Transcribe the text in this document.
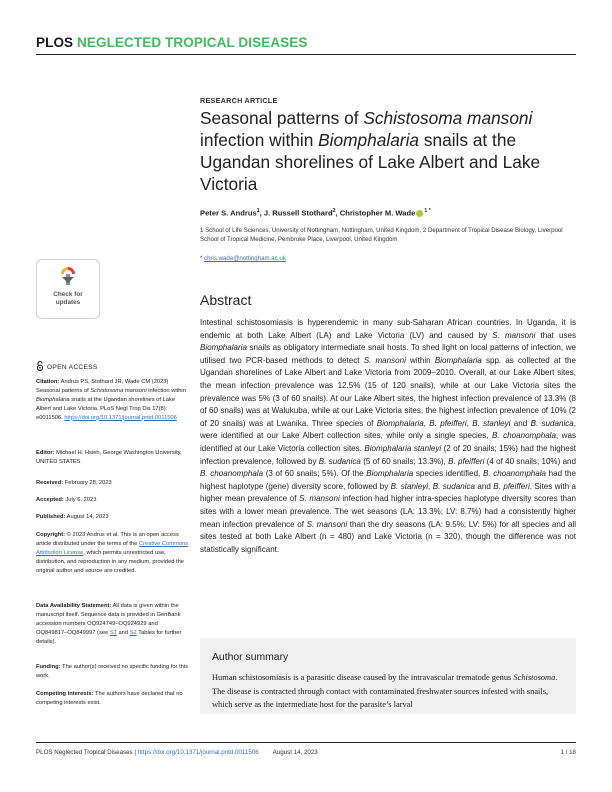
PLOS NEGLECTED TROPICAL DISEASES
Check for
updates
OPEN ACCESS
Citation: Andrus PS, Stothard JR, Wade CM (2023) Seasonal patterns of Schistosoma mansoni infection within Biomphalaria snails at the Ugandan shorelines of Lake Albert and Lake Victoria. PLoS Negl Trop Dis 17(8): e0011506. https://doi.org/10.1371/journal.pntd.0011506
Editor: Michael H. Hsieh, George Washington University, UNITED STATES
Received: February 28, 2023
Accepted: July 6, 2023
Published: August 14, 2023
Copyright: © 2023 Andrus et al. This is an open access article distributed under the terms of the Creative Commons Attribution License, which permits unrestricted use, distribution, and reproduction in any medium, provided the original author and source are credited.
Data Availability Statement: All data is given within the manuscript itself. Sequence data is provided in GenBank accession numbers OQ924749–OQ924929 and OQ849817–OQ849997 (see S1 and S2 Tables for further details).
Funding: The author(s) received no specific funding for this work.
Competing interests: The authors have declared that no competing interests exist.
RESEARCH ARTICLE
Seasonal patterns of Schistosoma mansoni infection within Biomphalaria snails at the Ugandan shorelines of Lake Albert and Lake Victoria
Peter S. Andrus$^1$, J. Russell Stothard$^2$, Christopher M. Wade $^{1 *}$
1 School of Life Sciences, University of Nottingham, Nottingham, United Kingdom, 2 Department of Tropical Disease Biology, Liverpool School of Tropical Medicine, Pembroke Place, Liverpool, United Kingdom
* chris.wade@nottingham.ac.uk
Abstract
Intestinal schistosomiasis is hyperendemic in many sub-Saharan African countries. In Uganda, it is endemic at both Lake Albert (LA) and Lake Victoria (LV) and caused by S. mansoni that uses Biomphalaria snails as obligatory intermediate snail hosts. To shed light on local patterns of infection, we utilised two PCR-based methods to detect S. mansoni within Biomphalaria spp. as collected at the Ugandan shorelines of Lake Albert and Lake Victoria from 2009–2010. Overall, at our Lake Albert sites, the mean infection prevalence was 12.5% (15 of 120 snails), while at our Lake Victoria sites the prevalence was 5% (3 of 60 snails). At our Lake Albert sites, the highest infection prevalence of 13.3% (8 of 60 snails) was at Walukuba, while at our Lake Victoria sites, the highest infection prevalence of 10% (2 of 20 snails) was at Lwanika. Three species of Biomphalaria, B. pfeifferi, B. stanleyi and B. sudanica, were identified at our Lake Albert collection sites, while only a single species, B. choanomphala, was identified at our Lake Victoria collection sites. Biomphalaria stanleyi (2 of 20 snails; 15%) had the highest infection prevalence, followed by B. sudanica (5 of 60 snails; 13.3%), B. pfeifferi (4 of 40 snails; 10%) and B. choanomphala (3 of 60 snails; 5%). Of the Biomphalaria species identified, B. choanomphala had the highest haplotype (gene) diversity score, followed by B. stanleyi, B. sudanica and B. pfeifferi. Sites with a higher mean prevalence of S. mansoni infection had higher intra-species haplotype diversity scores than sites with a lower mean prevalence. The wet seasons (LA: 13.3%; LV: 8.7%) had a consistently higher mean infection prevalence of S. mansoni than the dry seasons (LA: 9.5%; LV: 5%) for all species and all sites tested at both Lake Albert (n = 480) and Lake Victoria (n = 320), though the difference was not statistically significant.
Author summary
Human schistosomiasis is a parasitic disease caused by the intravascular trematode genus Schistosoma. The disease is contracted through contact with contaminated freshwater sources infested with snails, which serve as the intermediate host for the parasite’s larval
PLOS Neglected Tropical Diseases | https://doi.org/10.1371/journal.pntd.0011506 August 14, 2023	1 / 18
